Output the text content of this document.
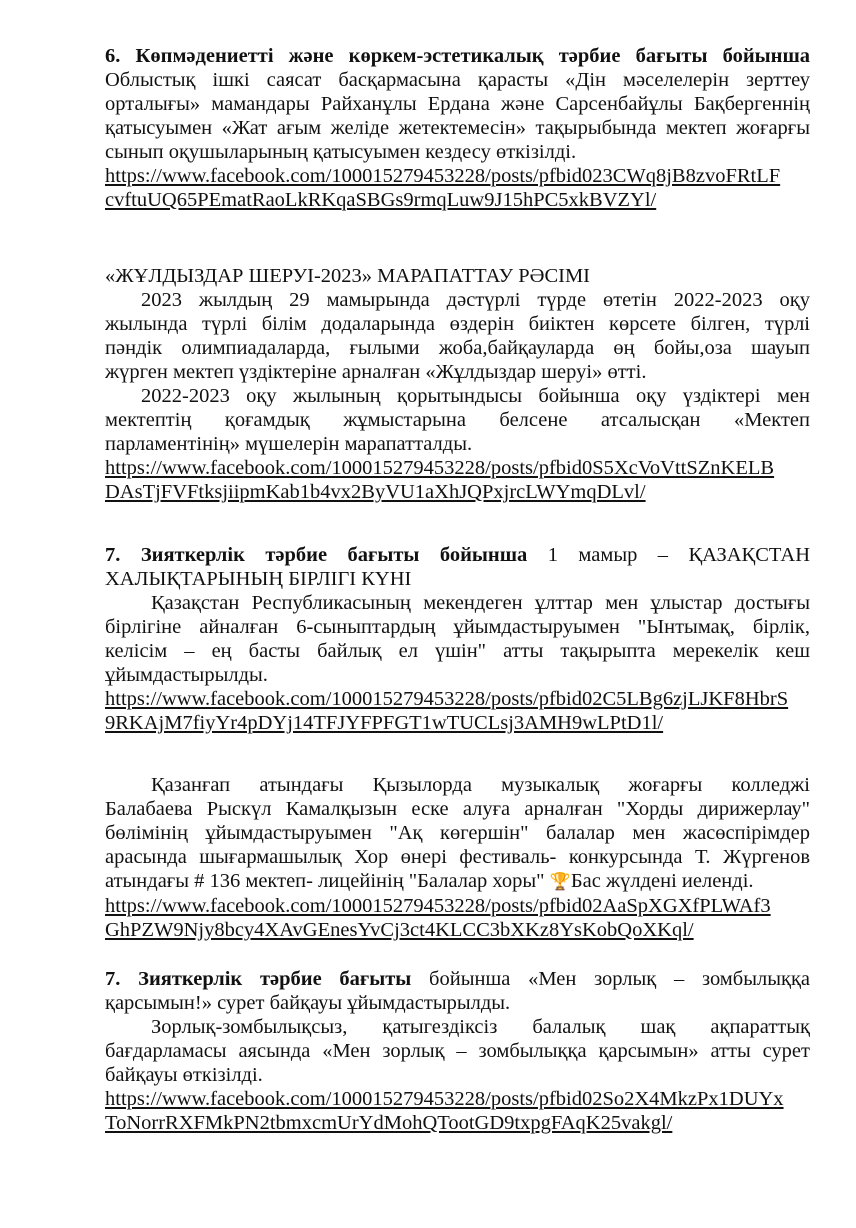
6. Көпмәдениетті және көркем-эстетикалық тәрбие бағыты бойынша
Облыстық ішкі саясат басқармасына қарасты «Дін мәселелерін зерттеу
орталығы» мамандары Райханұлы Ердана және Сарсенбайұлы Бақбергеннің
қатысуымен «Жат ағым желіде жетектемесін» тақырыбында мектеп жоғарғы
сынып оқушыларының қатысуымен кездесу өткізілді.
https://www.facebook.com/100015279453228/posts/pfbid023CWq8jB8zvoFRtLF
cvftuUQ65PEmatRaoLkRKqaSBGs9rmqLuw9J15hPC5xkBVZYl/
«ЖҰЛДЫЗДАР ШЕРУІ-2023» МАРАПАТТАУ РӘСІМІ
2023 жылдың 29 мамырында дәстүрлі түрде өтетін 2022-2023 оқу
жылында түрлі білім додаларында өздерін биіктен көрсете білген, түрлі
пәндік олимпиадаларда, ғылыми жоба,байқауларда өң бойы,оза шауып
жүрген мектеп үздіктеріне арналған «Жұлдыздар шеруі» өтті.
2022-2023 оқу жылының қорытындысы бойынша оқу үздіктері мен
мектептің қоғамдық жұмыстарына белсене атсалысқан «Мектеп
парламентінің» мүшелерін марапатталды.
https://www.facebook.com/100015279453228/posts/pfbid0S5XcVoVttSZnKELB
DAsTjFVFtksjiipmKab1b4vx2ByVU1aXhJQPxjrcLWYmqDLvl/
7. Зияткерлік тәрбие бағыты бойынша 1 мамыр – ҚАЗАҚСТАН
ХАЛЫҚТАРЫНЫҢ БІРЛІГІ КҮНІ
Қазақстан Республикасының мекендеген ұлттар мен ұлыстар достығы
бірлігіне айналған 6-сыныптардың ұйымдастыруымен "Ынтымақ, бірлік,
келісім – ең басты байлық ел үшін" атты тақырыпта мерекелік кеш
ұйымдастырылды.
https://www.facebook.com/100015279453228/posts/pfbid02C5LBg6zjLJKF8HbrS
9RKAjM7fiyYr4pDYj14TFJYFPFGT1wTUCLsj3AMH9wLPtD1l/
Қазанғап атындағы Қызылорда музыкалық жоғарғы колледжі
Балабаева Рыскүл Камалқызын еске алуға арналған "Хорды дирижерлау"
бөлімінің ұйымдастыруымен "Ақ көгершін" балалар мен жасөспірімдер
арасында шығармашылық Хор өнері фестиваль- конкурсында Т. Жүргенов
атындағы # 136 мектеп- лицейінің "Балалар хоры" 🏆Бас жүлдені иеленді.
https://www.facebook.com/100015279453228/posts/pfbid02AaSpXGXfPLWAf3
GhPZW9Njy8bcy4XAvGEnesYvCj3ct4KLCC3bXKz8YsKobQoXKql/
7. Зияткерлік тәрбие бағыты бойынша «Мен зорлық – зомбылыққа
қарсымын!» сурет байқауы ұйымдастырылды.
Зорлық-зомбылықсыз, қатыгездіксіз балалық шақ ақпараттық
бағдарламасы аясында «Мен зорлық – зомбылыққа қарсымын» атты сурет
байқауы өткізілді.
https://www.facebook.com/100015279453228/posts/pfbid02So2X4MkzPx1DUYx
ToNorrRXFMkPN2tbmxcmUrYdMohQTootGD9txpgFAqK25vakgl/
